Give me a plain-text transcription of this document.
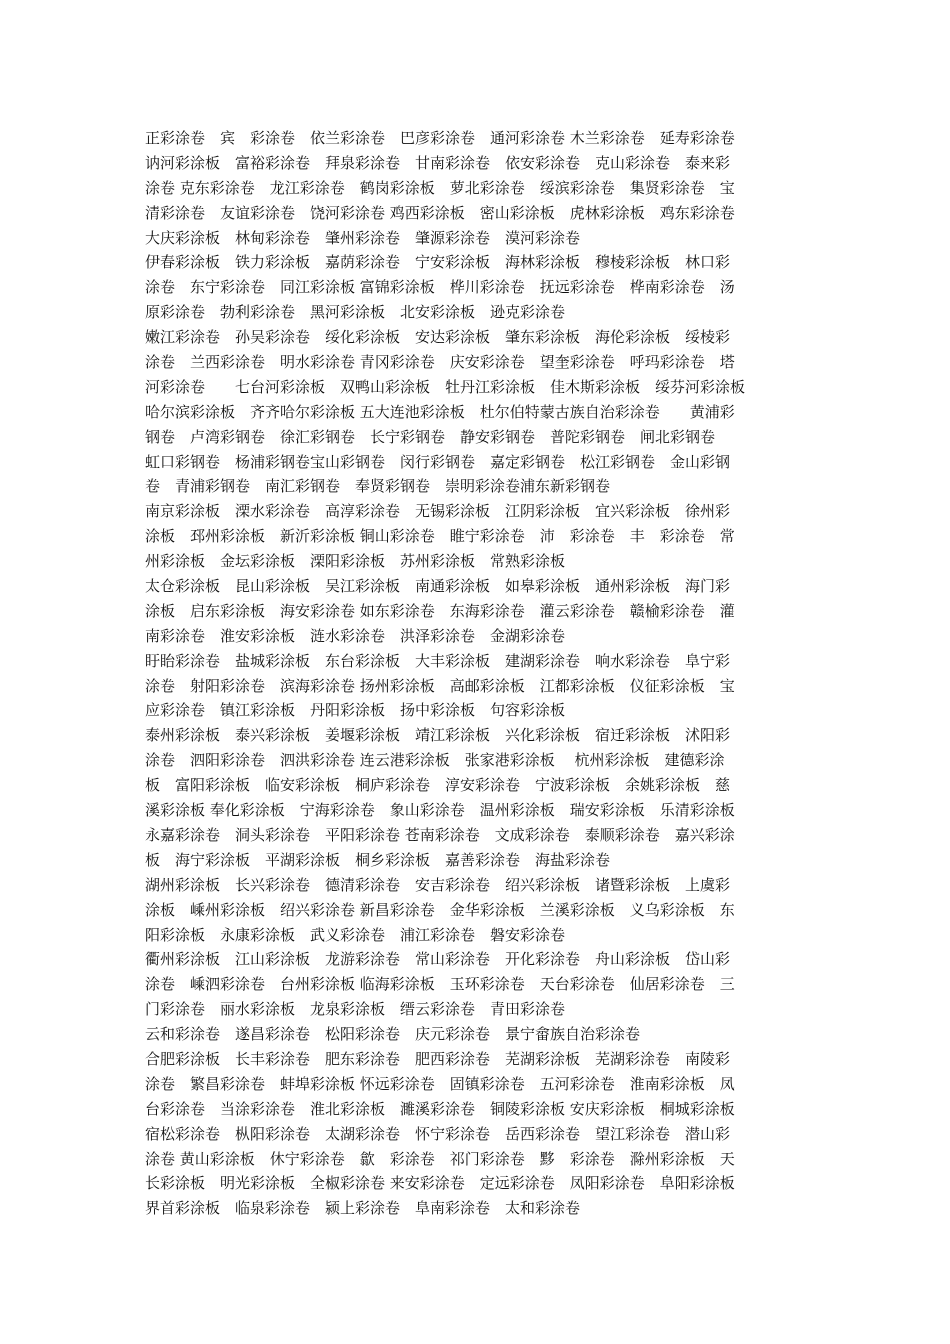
正彩涂卷　宾　彩涂卷　依兰彩涂卷　巴彦彩涂卷　通河彩涂卷 木兰彩涂卷　延寿彩涂卷
讷河彩涂板　富裕彩涂卷　拜泉彩涂卷　甘南彩涂卷　依安彩涂卷　克山彩涂卷　泰来彩
涂卷 克东彩涂卷　龙江彩涂卷　鹤岗彩涂板　萝北彩涂卷　绥滨彩涂卷　集贤彩涂卷　宝
清彩涂卷　友谊彩涂卷　饶河彩涂卷 鸡西彩涂板　密山彩涂板　虎林彩涂板　鸡东彩涂卷
大庆彩涂板　林甸彩涂卷　肇州彩涂卷　肇源彩涂卷　漠河彩涂卷
伊春彩涂板　铁力彩涂板　嘉荫彩涂卷　宁安彩涂板　海林彩涂板　穆棱彩涂板　林口彩
涂卷　东宁彩涂卷　同江彩涂板 富锦彩涂板　桦川彩涂卷　抚远彩涂卷　桦南彩涂卷　汤
原彩涂卷　勃利彩涂卷　黑河彩涂板　北安彩涂板　逊克彩涂卷
嫩江彩涂卷　孙吴彩涂卷　绥化彩涂板　安达彩涂板　肇东彩涂板　海伦彩涂板　绥棱彩
涂卷　兰西彩涂卷　明水彩涂卷 青冈彩涂卷　庆安彩涂卷　望奎彩涂卷　呼玛彩涂卷　塔
河彩涂卷　　七台河彩涂板　双鸭山彩涂板　牡丹江彩涂板　佳木斯彩涂板　绥芬河彩涂板
哈尔滨彩涂板　齐齐哈尔彩涂板 五大连池彩涂板　杜尔伯特蒙古族自治彩涂卷　　黄浦彩
钢卷　卢湾彩钢卷　徐汇彩钢卷　长宁彩钢卷　静安彩钢卷　普陀彩钢卷　闸北彩钢卷
虹口彩钢卷　杨浦彩钢卷宝山彩钢卷　闵行彩钢卷　嘉定彩钢卷　松江彩钢卷　金山彩钢
卷　青浦彩钢卷　南汇彩钢卷　奉贤彩钢卷　崇明彩涂卷浦东新彩钢卷
南京彩涂板　溧水彩涂卷　高淳彩涂卷　无锡彩涂板　江阴彩涂板　宜兴彩涂板　徐州彩
涂板　邳州彩涂板　新沂彩涂板 铜山彩涂卷　睢宁彩涂卷　沛　彩涂卷　丰　彩涂卷　常
州彩涂板　金坛彩涂板　溧阳彩涂板　苏州彩涂板　常熟彩涂板
太仓彩涂板　昆山彩涂板　吴江彩涂板　南通彩涂板　如皋彩涂板　通州彩涂板　海门彩
涂板　启东彩涂板　海安彩涂卷 如东彩涂卷　东海彩涂卷　灌云彩涂卷　赣榆彩涂卷　灌
南彩涂卷　淮安彩涂板　涟水彩涂卷　洪泽彩涂卷　金湖彩涂卷
盱眙彩涂卷　盐城彩涂板　东台彩涂板　大丰彩涂板　建湖彩涂卷　响水彩涂卷　阜宁彩
涂卷　射阳彩涂卷　滨海彩涂卷 扬州彩涂板　高邮彩涂板　江都彩涂板　仪征彩涂板　宝
应彩涂卷　镇江彩涂板　丹阳彩涂板　扬中彩涂板　句容彩涂板
泰州彩涂板　泰兴彩涂板　姜堰彩涂板　靖江彩涂板　兴化彩涂板　宿迁彩涂板　沭阳彩
涂卷　泗阳彩涂卷　泗洪彩涂卷 连云港彩涂板　张家港彩涂板　 杭州彩涂板　建德彩涂
板　富阳彩涂板　临安彩涂板　桐庐彩涂卷　淳安彩涂卷　宁波彩涂板　余姚彩涂板　慈
溪彩涂板 奉化彩涂板　宁海彩涂卷　象山彩涂卷　温州彩涂板　瑞安彩涂板　乐清彩涂板
永嘉彩涂卷　洞头彩涂卷　平阳彩涂卷 苍南彩涂卷　文成彩涂卷　泰顺彩涂卷　嘉兴彩涂
板　海宁彩涂板　平湖彩涂板　桐乡彩涂板　嘉善彩涂卷　海盐彩涂卷
湖州彩涂板　长兴彩涂卷　德清彩涂卷　安吉彩涂卷　绍兴彩涂板　诸暨彩涂板　上虞彩
涂板　嵊州彩涂板　绍兴彩涂卷 新昌彩涂卷　金华彩涂板　兰溪彩涂板　义乌彩涂板　东
阳彩涂板　永康彩涂板　武义彩涂卷　浦江彩涂卷　磐安彩涂卷
衢州彩涂板　江山彩涂板　龙游彩涂卷　常山彩涂卷　开化彩涂卷　舟山彩涂板　岱山彩
涂卷　嵊泗彩涂卷　台州彩涂板 临海彩涂板　玉环彩涂卷　天台彩涂卷　仙居彩涂卷　三
门彩涂卷　丽水彩涂板　龙泉彩涂板　缙云彩涂卷　青田彩涂卷
云和彩涂卷　遂昌彩涂卷　松阳彩涂卷　庆元彩涂卷　景宁畲族自治彩涂卷
合肥彩涂板　长丰彩涂卷　肥东彩涂卷　肥西彩涂卷　芜湖彩涂板　芜湖彩涂卷　南陵彩
涂卷　繁昌彩涂卷　蚌埠彩涂板 怀远彩涂卷　固镇彩涂卷　五河彩涂卷　淮南彩涂板　凤
台彩涂卷　当涂彩涂卷　淮北彩涂板　濉溪彩涂卷　铜陵彩涂板 安庆彩涂板　桐城彩涂板
宿松彩涂卷　枞阳彩涂卷　太湖彩涂卷　怀宁彩涂卷　岳西彩涂卷　望江彩涂卷　潜山彩
涂卷 黄山彩涂板　休宁彩涂卷　歙　彩涂卷　祁门彩涂卷　黟　彩涂卷　滁州彩涂板　天
长彩涂板　明光彩涂板　全椒彩涂卷 来安彩涂卷　定远彩涂卷　凤阳彩涂卷　阜阳彩涂板
界首彩涂板　临泉彩涂卷　颍上彩涂卷　阜南彩涂卷　太和彩涂卷
